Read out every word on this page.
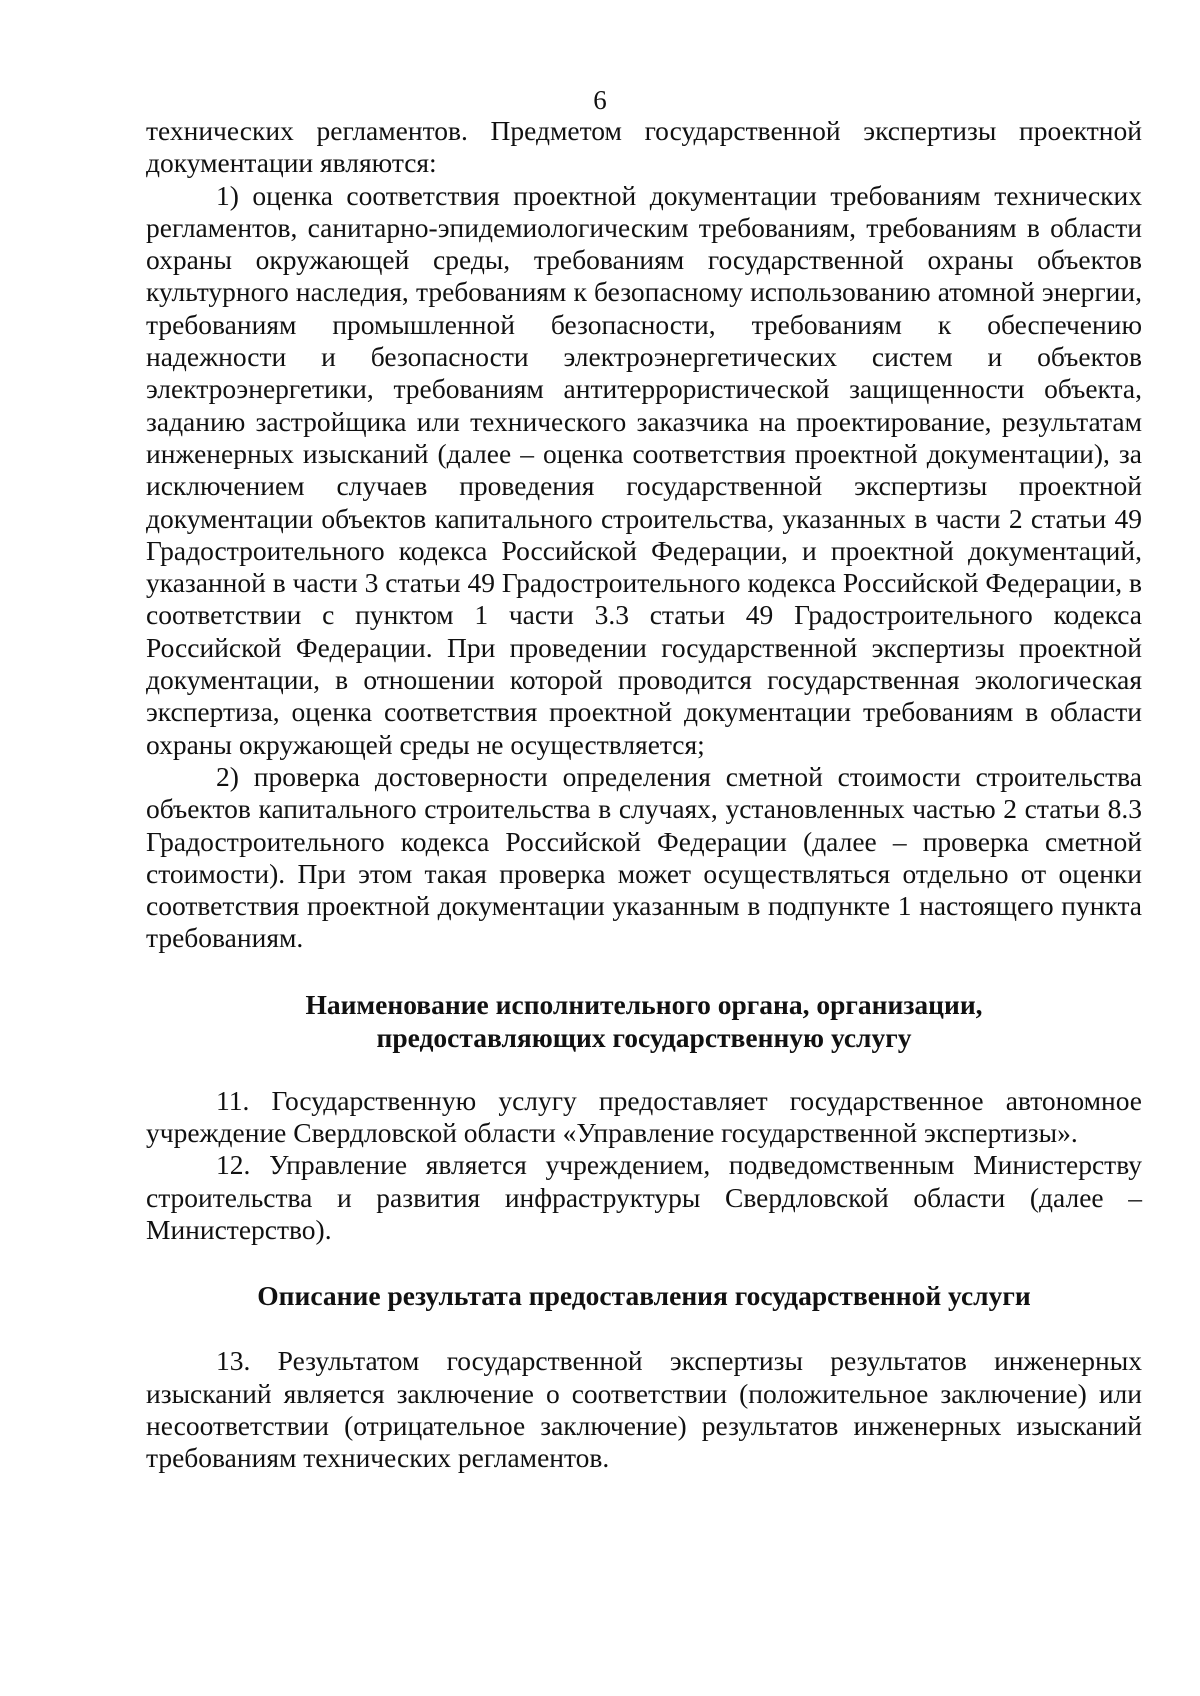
6

технических регламентов. Предметом государственной экспертизы проектной документации являются:

1) оценка соответствия проектной документации требованиям технических регламентов, санитарно-эпидемиологическим требованиям, требованиям в области охраны окружающей среды, требованиям государственной охраны объектов культурного наследия, требованиям к безопасному использованию атомной энергии, требованиям промышленной безопасности, требованиям к обеспечению надежности и безопасности электроэнергетических систем и объектов электроэнергетики, требованиям антитеррористической защищенности объекта, заданию застройщика или технического заказчика на проектирование, результатам инженерных изысканий (далее – оценка соответствия проектной документации), за исключением случаев проведения государственной экспертизы проектной документации объектов капитального строительства, указанных в части 2 статьи 49 Градостроительного кодекса Российской Федерации, и проектной документаций, указанной в части 3 статьи 49 Градостроительного кодекса Российской Федерации, в соответствии с пунктом 1 части 3.3 статьи 49 Градостроительного кодекса Российской Федерации. При проведении государственной экспертизы проектной документации, в отношении которой проводится государственная экологическая экспертиза, оценка соответствия проектной документации требованиям в области охраны окружающей среды не осуществляется;

2) проверка достоверности определения сметной стоимости строительства объектов капитального строительства в случаях, установленных частью 2 статьи 8.3 Градостроительного кодекса Российской Федерации (далее – проверка сметной стоимости). При этом такая проверка может осуществляться отдельно от оценки соответствия проектной документации указанным в подпункте 1 настоящего пункта требованиям.

Наименование исполнительного органа, организации,
предоставляющих государственную услугу

11. Государственную услугу предоставляет государственное автономное учреждение Свердловской области «Управление государственной экспертизы».

12. Управление является учреждением, подведомственным Министерству строительства и развития инфраструктуры Свердловской области (далее – Министерство).

Описание результата предоставления государственной услуги

13. Результатом государственной экспертизы результатов инженерных изысканий является заключение о соответствии (положительное заключение) или несоответствии (отрицательное заключение) результатов инженерных изысканий требованиям технических регламентов.
